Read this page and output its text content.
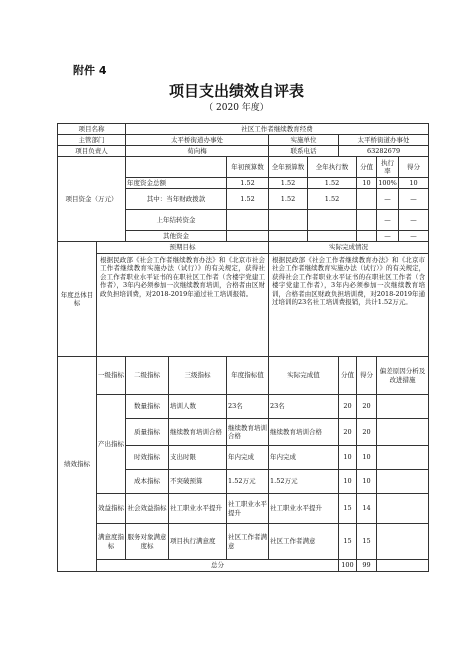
附件 4
项目支出绩效自评表
（ 2020 年度）
项目名称		社区工作者继续教育经费								
主管部门		太平桥街道办事处			实施单位		太平桥街道办事处			
项目负责人		荀向梅			联系电话		63282679			
项目资金（万元）				年初预算数	全年预算数	全年执行数		分值	执行率	得分
		年度资金总额		1.52	1.52	1.52		10	100%	10
		其中：当年财政拨款		1.52	1.52	1.52			—	—
		上年结转资金							—	—
		其他资金							—	—
年度总体目标	预期目标				实际完成情况					
	根据民政部《社会工作者继续教育办法》和《北京市社会工作者继续教育实施办法（试行）》的有关规定，获得社会工作者职业水平证书的在职社区工作者（含楼宇党建工作者），3年内必须参加一次继续教育培训，合格者由区财政负担培训费，对2018-2019年通过社工培训报销。				根据民政部《社会工作者继续教育办法》和《北京市社会工作者继续教育实施办法（试行）》的有关规定，获得社会工作者职业水平证书的在职社区工作者（含楼宇党建工作者），3年内必须参加一次继续教育培训，合格者由区财政负担培训费，对2018-2019年通过培训的23名社工培训费报销，共计1.52万元。					
绩效指标	一级指标	二级指标	三级指标	年度指标值	实际完成值		分值	得分	偏差原因分析及改进措施	
	产出指标	数量指标	培训人数	23名	23名		20	20		
		质量指标	继续教育培训合格	继续教育培训合格	继续教育培训合格		20	20		
		时效指标	支出时限	年内完成	年内完成		10	10		
		成本指标	不突破预算	1.52万元	1.52万元		10	10		
	效益指标	社会效益指标	社工职业水平提升	社工职业水平提升	社工职业水平提升		15	14		
	满意度指标	服务对象满意度标	项目执行满意度	社区工作者满意	社区工作者满意		15	15		
	总分						100	99		
